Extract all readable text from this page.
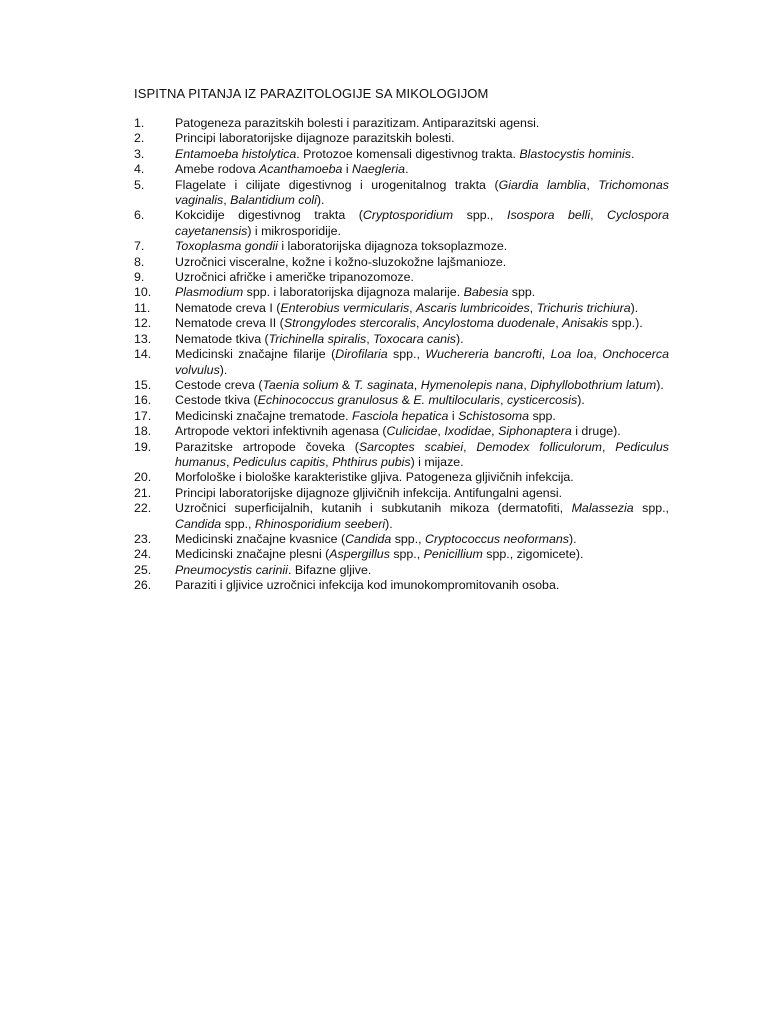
ISPITNA PITANJA IZ PARAZITOLOGIJE SA MIKOLOGIJOM
1.	Patogeneza parazitskih bolesti i parazitizam. Antiparazitski agensi.
2.	Principi laboratorijske dijagnoze parazitskih bolesti.
3.	Entamoeba histolytica. Protozoe komensali digestivnog trakta. Blastocystis hominis.
4.	Amebe rodova Acanthamoeba i Naegleria.
5.	Flagelate i cilijate digestivnog i urogenitalnog trakta (Giardia lamblia, Trichomonas vaginalis, Balantidium coli).
6.	Kokcidije digestivnog trakta (Cryptosporidium spp., Isospora belli, Cyclospora cayetanensis) i mikrosporidije.
7.	Toxoplasma gondii i laboratorijska dijagnoza toksoplazmoze.
8.	Uzročnici visceralne, kožne i kožno-sluzokožne lajšmanioze.
9.	Uzročnici afričke i američke tripanozomoze.
10.	Plasmodium spp. i laboratorijska dijagnoza malarije. Babesia spp.
11.	Nematode creva I (Enterobius vermicularis, Ascaris lumbricoides, Trichuris trichiura).
12.	Nematode creva II (Strongylodes stercoralis, Ancylostoma duodenale, Anisakis spp.).
13.	Nematode tkiva (Trichinella spiralis, Toxocara canis).
14.	Medicinski značajne filarije (Dirofilaria spp., Wuchereria bancrofti, Loa loa, Onchocerca volvulus).
15.	Cestode creva (Taenia solium & T. saginata, Hymenolepis nana, Diphyllobothrium latum).
16.	Cestode tkiva (Echinococcus granulosus & E. multilocularis, cysticercosis).
17.	Medicinski značajne trematode. Fasciola hepatica i Schistosoma spp.
18.	Artropode vektori infektivnih agenasa (Culicidae, Ixodidae, Siphonaptera i druge).
19.	Parazitske artropode čoveka (Sarcoptes scabiei, Demodex folliculorum, Pediculus humanus, Pediculus capitis, Phthirus pubis) i mijaze.
20.	Morfološke i biološke karakteristike gljiva. Patogeneza gljivičnih infekcija.
21.	Principi laboratorijske dijagnoze gljivičnih infekcija. Antifungalni agensi.
22.	Uzročnici superficijalnih, kutanih i subkutanih mikoza (dermatofiti, Malassezia spp., Candida spp., Rhinosporidium seeberi).
23.	Medicinski značajne kvasnice (Candida spp., Cryptococcus neoformans).
24.	Medicinski značajne plesni (Aspergillus spp., Penicillium spp., zigomicete).
25.	Pneumocystis carinii. Bifazne gljive.
26.	Paraziti i gljivice uzročnici infekcija kod imunokompromitovanih osoba.
